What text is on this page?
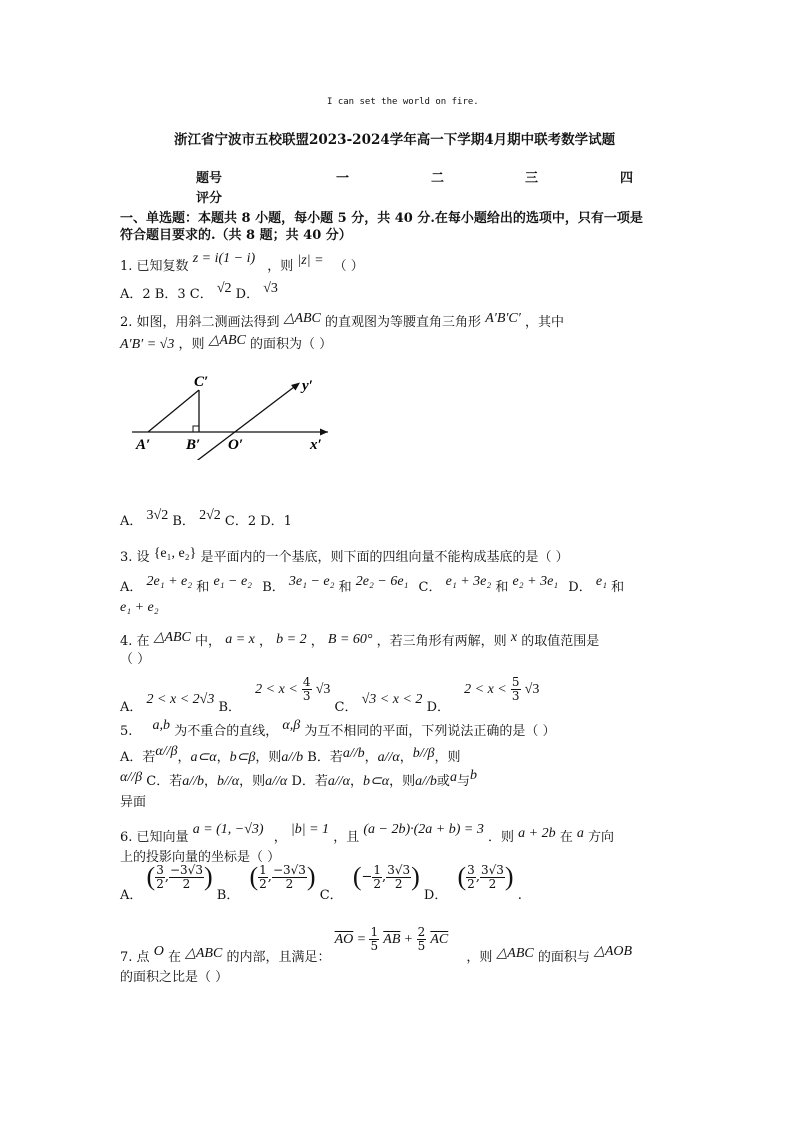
I can set the world on fire.
浙江省宁波市五校联盟2023-2024学年高一下学期4月期中联考数学试题
题号	一	二	三	四
评分
一、单选题：本题共 8 小题，每小题 5 分，共 40 分.在每小题给出的选项中，只有一项是
符合题目要求的.（共 8 题；共 40 分）
1. 已知复数 z = i(1 − i) ，则 |z| = （ ）
A．2 B．3 C． √2 D． √3
2. 如图，用斜二测画法得到 △ABC 的直观图为等腰直角三角形 A′B′C′ ，其中
A′B′ = √3 ，则 △ABC 的面积为（ ）
C′
A′ B′ O′	x′
y′
A． 3√2 B． 2√2 C．2 D．1
3. 设 {e₁, e₂} 是平面内的一个基底，则下面的四组向量不能构成基底的是（ ）
A． 2e₁ + e₂ 和 e₁ − e₂ B． 3e₁ − e₂ 和 2e₂ − 6e₁ C． e₁ + 3e₂ 和 e₂ + 3e₁ D． e₁ 和
e₁ + e₂
4. 在 △ABC 中， a = x ， b = 2 ， B = 60° ，若三角形有两解，则 x 的取值范围是
（ ）
A． 2 < x < 2√3 B． $2 < x < \frac{4}{3} √3$ C． √3 < x < 2 D． $2 < x < \frac{5}{3} √3$
5. a,b 为不重合的直线， α,β 为互不相同的平面，下列说法正确的是（ ）
A．若α//β，a⊂α，b⊂β，则a//b B．若a//b，a//α，b//β，则
α//β C．若a//b，b//α，则a//α D．若a//α，b⊂α，则a//b或a与b
异面
6. 已知向量 a = (1, −√3) ， |b| = 1 ，且 (a − 2b)·(2a + b) = 3 ．则 a + 2b 在 a 方向
上的投影向量的坐标是（ ）
A． ( $\frac{3}{2}$ , $\frac{-3√3}{2}$ ) B． ( $\frac{1}{2}$ , $\frac{-3√3}{2}$ ) C． (− $\frac{1}{2}$ , $\frac{3√3}{2}$ ) D． ( $\frac{3}{2}$ , $\frac{3√3}{2}$ ) .
7. 点 O 在 △ABC 的内部，且满足： $\overline{AO} = \frac{1}{5} \overline{AB} + \frac{2}{5} \overline{AC}$ ，则 △ABC 的面积与 △AOB
的面积之比是（ ）
